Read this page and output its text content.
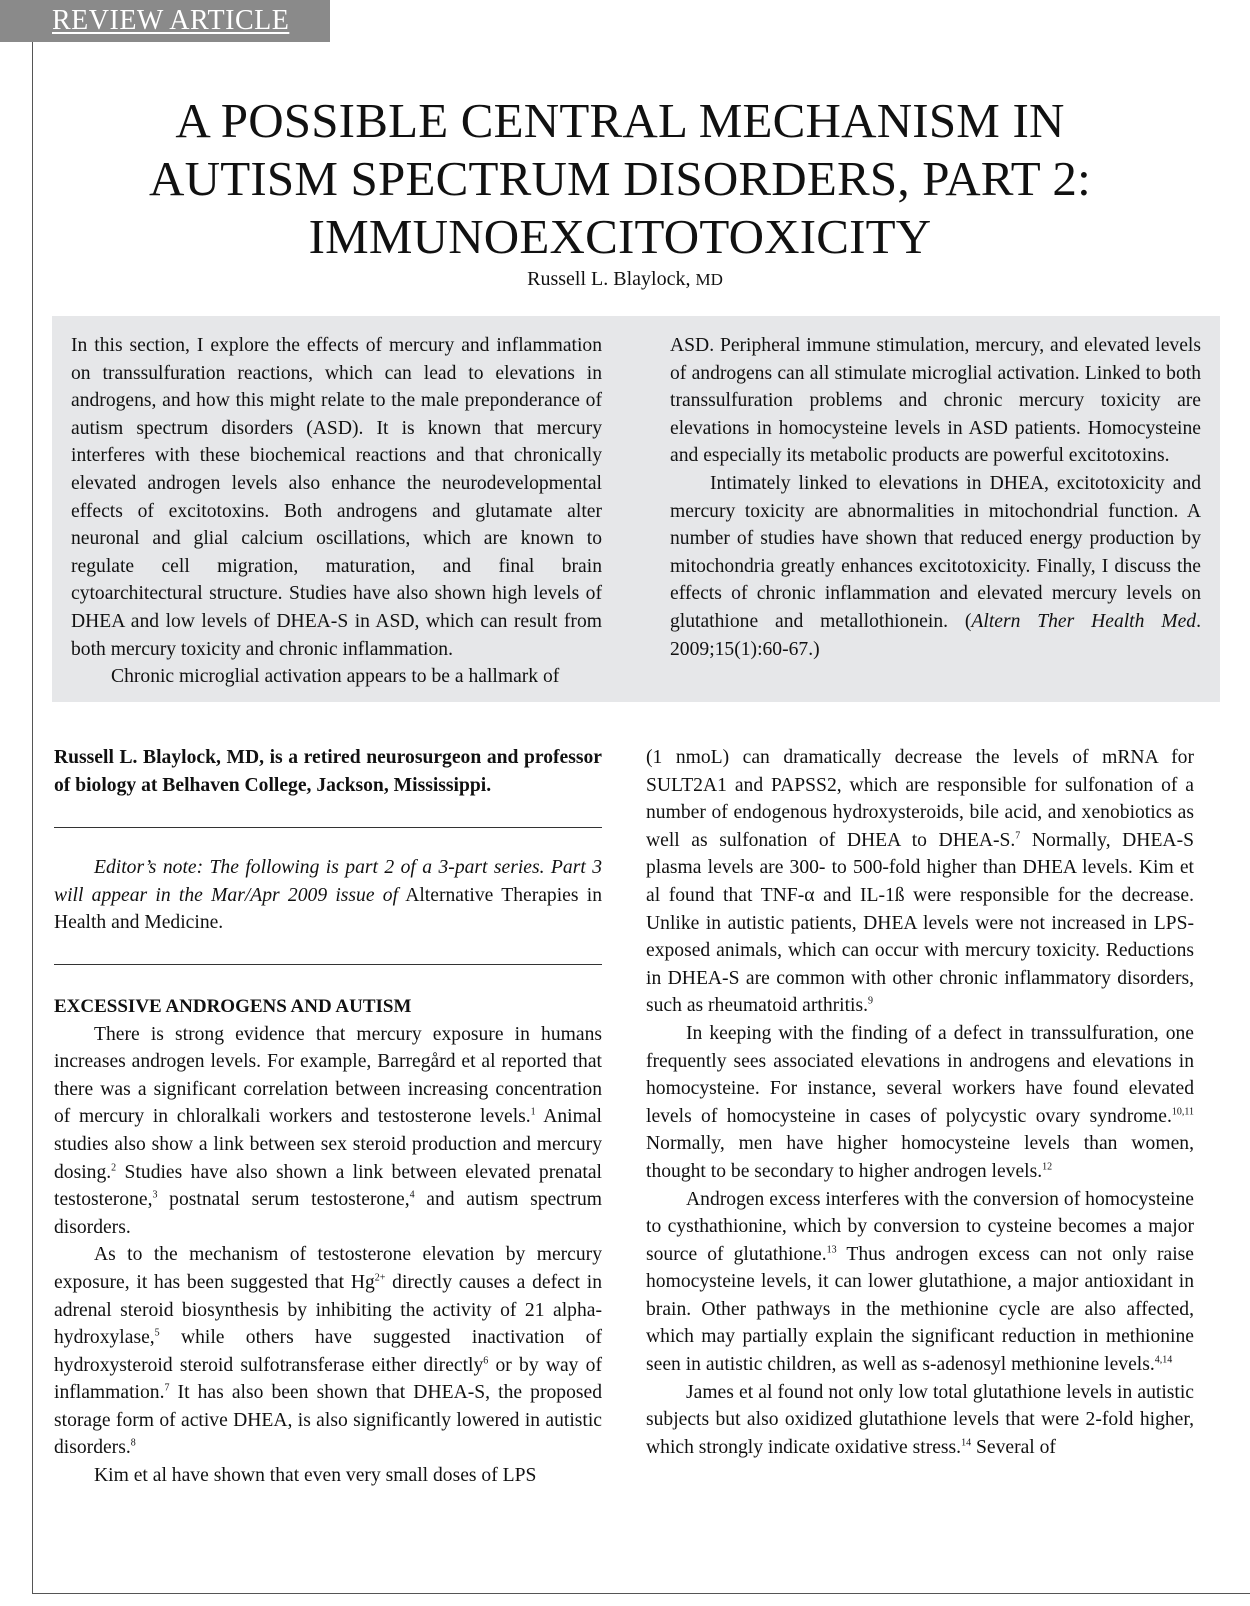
REVIEW ARTICLE
A POSSIBLE CENTRAL MECHANISM IN
AUTISM SPECTRUM DISORDERS, PART 2:
IMMUNOEXCITOTOXICITY
Russell L. Blaylock, MD

In this section, I explore the effects of mercury and inflammation on transsulfuration reactions, which can lead to elevations in androgens, and how this might relate to the male preponderance of autism spectrum disorders (ASD). It is known that mercury interferes with these biochemical reactions and that chronically elevated androgen levels also enhance the neurodevelopmental effects of excitotoxins. Both androgens and glutamate alter neuronal and glial calcium oscillations, which are known to regulate cell migration, maturation, and final brain cytoarchitectural structure. Studies have also shown high levels of DHEA and low levels of DHEA-S in ASD, which can result from both mercury toxicity and chronic inflammation.

Chronic microglial activation appears to be a hallmark of

ASD. Peripheral immune stimulation, mercury, and elevated levels of androgens can all stimulate microglial activation. Linked to both transsulfuration problems and chronic mercury toxicity are elevations in homocysteine levels in ASD patients. Homocysteine and especially its metabolic products are powerful excitotoxins.

Intimately linked to elevations in DHEA, excitotoxicity and mercury toxicity are abnormalities in mitochondrial function. A number of studies have shown that reduced energy production by mitochondria greatly enhances excitotoxicity. Finally, I discuss the effects of chronic inflammation and elevated mercury levels on glutathione and metallothionein. (Altern Ther Health Med. 2009;15(1):60-67.)

Russell L. Blaylock, MD, is a retired neurosurgeon and professor of biology at Belhaven College, Jackson, Mississippi.

Editor’s note: The following is part 2 of a 3-part series. Part 3 will appear in the Mar/Apr 2009 issue of Alternative Therapies in Health and Medicine.

EXCESSIVE ANDROGENS AND AUTISM

There is strong evidence that mercury exposure in humans increases androgen levels. For example, Barregård et al reported that there was a significant correlation between increasing concentration of mercury in chloralkali workers and testosterone levels.$^1$ Animal studies also show a link between sex steroid production and mercury dosing.$^2$ Studies have also shown a link between elevated prenatal testosterone,$^3$ postnatal serum testosterone,$^4$ and autism spectrum disorders.

As to the mechanism of testosterone elevation by mercury exposure, it has been suggested that $Hg^{2+}$ directly causes a defect in adrenal steroid biosynthesis by inhibiting the activity of 21 alpha-hydroxylase,$^5$ while others have suggested inactivation of hydroxysteroid steroid sulfotransferase either directly$^6$ or by way of inflammation.$^7$ It has also been shown that DHEA-S, the proposed storage form of active DHEA, is also significantly lowered in autistic disorders.$^8$

Kim et al have shown that even very small doses of LPS

(1 nmoL) can dramatically decrease the levels of mRNA for SULT2A1 and PAPSS2, which are responsible for sulfonation of a number of endogenous hydroxysteroids, bile acid, and xenobiotics as well as sulfonation of DHEA to DHEA-S.$^7$ Normally, DHEA-S plasma levels are 300- to 500-fold higher than DHEA levels. Kim et al found that TNF-α and IL-1ß were responsible for the decrease. Unlike in autistic patients, DHEA levels were not increased in LPS-exposed animals, which can occur with mercury toxicity. Reductions in DHEA-S are common with other chronic inflammatory disorders, such as rheumatoid arthritis.$^9$

In keeping with the finding of a defect in transsulfuration, one frequently sees associated elevations in androgens and elevations in homocysteine. For instance, several workers have found elevated levels of homocysteine in cases of polycystic ovary syndrome.$^{10,11}$ Normally, men have higher homocysteine levels than women, thought to be secondary to higher androgen levels.$^{12}$

Androgen excess interferes with the conversion of homocysteine to cysthathionine, which by conversion to cysteine becomes a major source of glutathione.$^{13}$ Thus androgen excess can not only raise homocysteine levels, it can lower glutathione, a major antioxidant in brain. Other pathways in the methionine cycle are also affected, which may partially explain the significant reduction in methionine seen in autistic children, as well as s-adenosyl methionine levels.$^{4,14}$

James et al found not only low total glutathione levels in autistic subjects but also oxidized glutathione levels that were 2-fold higher, which strongly indicate oxidative stress.$^{14}$ Several of
